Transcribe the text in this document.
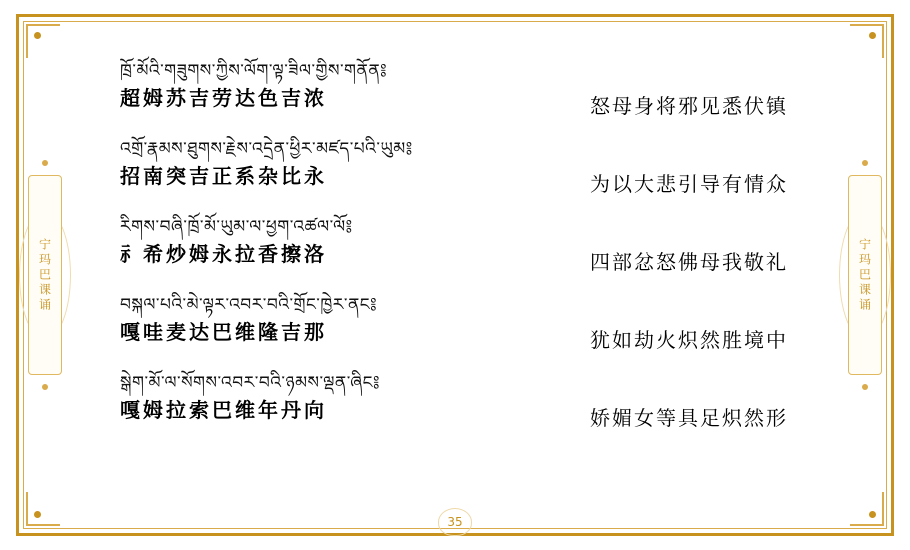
宁玛巴课诵	宁玛巴课诵
ཁྲོ་མོའི་གཟུགས་ཀྱིས་ལོག་ལྟ་ཟིལ་གྱིས་གནོན༔
超姆苏吉劳达色吉浓	怒母身将邪见悉伏镇
འགྲོ་རྣམས་ཐུགས་རྗེས་འདྲེན་ཕྱིར་མཛད་པའི་ཡུམ༔
招南突吉正系杂比永	为以大悲引导有情众
རིགས་བཞི་ཁྲོ་མོ་ཡུམ་ལ་ཕྱག་འཚལ་ལོ༔
⺬希炒姆永拉香擦洛	四部忿怒佛母我敬礼
བསྐལ་པའི་མེ་ལྟར་འབར་བའི་གྲོང་ཁྱེར་ནང༔
嘎哇麦达巴维隆吉那	犹如劫火炽然胜境中
སྒེག་མོ་ལ་སོགས་འབར་བའི་ཉམས་ལྡན་ཞིང༔
嘎姆拉索巴维年丹向	娇媚女等具足炽然形
35
